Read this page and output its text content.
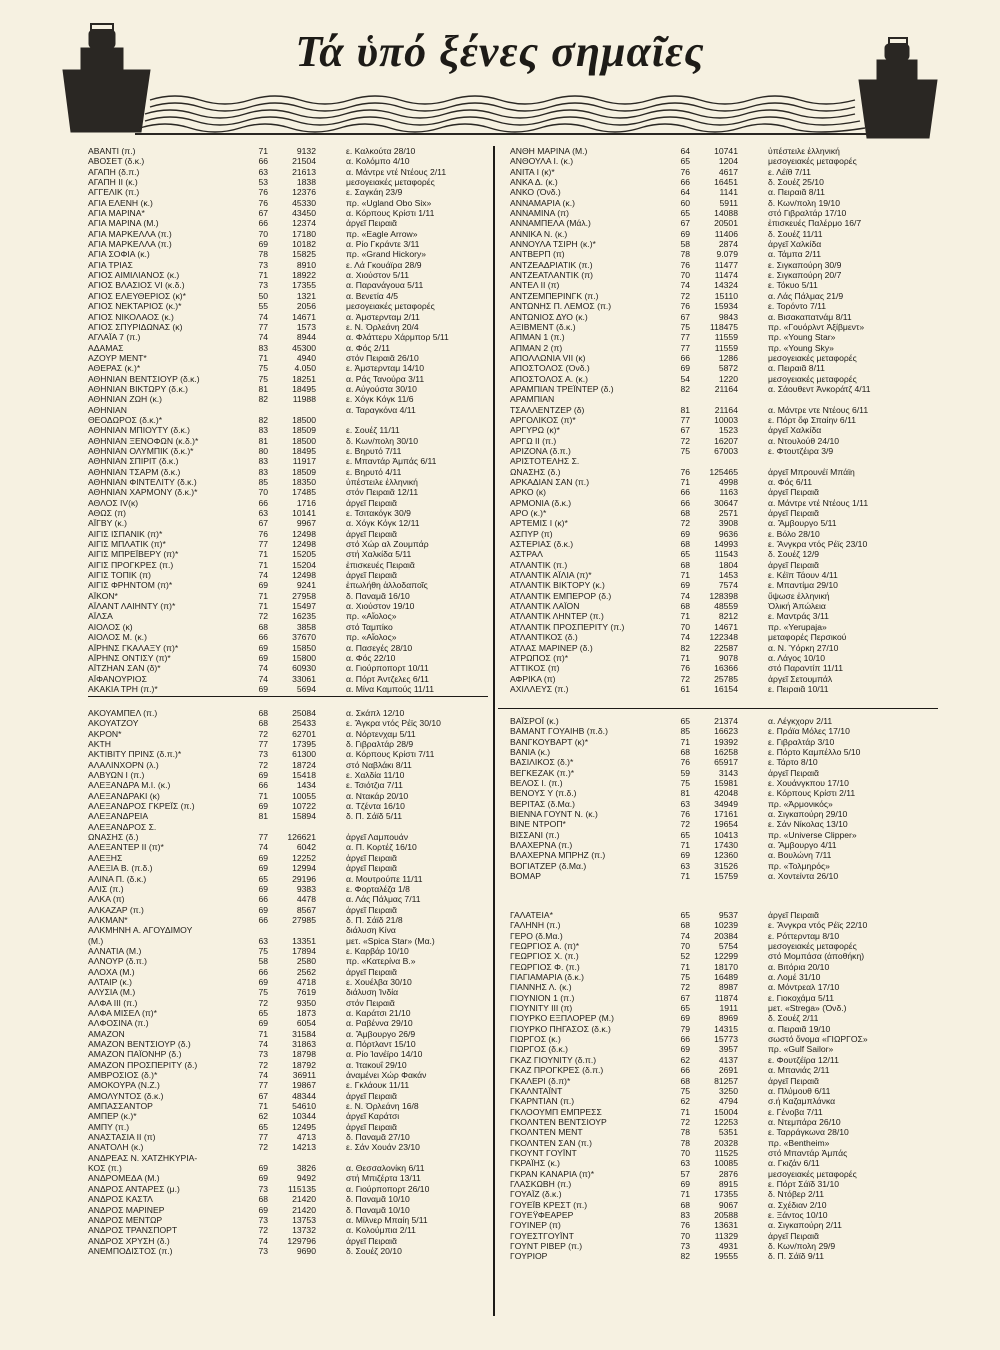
Τά ὑπό ξένες σημαῖες
ΑΒΑΝΤΙ (π.)	71	9132	ε. Καλκούτα 28/10
ΑΒΟΣΕΤ (δ.κ.)	66	21504	α. Κολόμπο 4/10
ΑΓΑΠΗ (δ.π.)	63	21613	α. Μάντρε ντέ Ντέους 2/11
ΑΓΑΠΗ ΙΙ (κ.)	53	1838	μεσογειακές μεταφορές
ΑΓΓΕΛΙΚ (π.)	76	12376	ε. Σαγκάη 23/9
ΑΓΙΑ ΕΛΕΝΗ (κ.)	76	45330	πρ. «Ugland Obo Six»
ΑΓΙΑ ΜΑΡΙΝΑ*	67	43450	α. Κόρπους Κρίστι 1/11
ΑΓΙΑ ΜΑΡΙΝΑ (Μ.)	66	12374	ἀργεῖ Πειραιᾶ
ΑΓΙΑ ΜΑΡΚΕΛΛΑ (π.)	70	17180	πρ. «Eagle Arrow»
ΑΓΙΑ ΜΑΡΚΕΛΛΑ (π.)	69	10182	α. Ρίο Γκράντε 3/11
ΑΓΙΑ ΣΟΦΙΑ (κ.)	78	15825	πρ. «Grand Hickory»
ΑΓΙΑ ΤΡΙΑΣ	73	8910	ε. Λά Γκουάϊρα 28/9
ΑΓΙΟΣ ΑΙΜΙΛΙΑΝΟΣ (κ.)	71	18922	α. Χιούστον 5/11
ΑΓΙΟΣ ΒΛΑΣΙΟΣ VI (κ.δ.)	73	17355	α. Παρανάγουα 5/11
ΑΓΙΟΣ ΕΛΕΥΘΕΡΙΟΣ (κ)*	50	1321	α. Βενετία 4/5
ΑΓΙΟΣ ΝΕΚΤΑΡΙΟΣ (κ.)*	55	2056	μεσογειακές μεταφορές
ΑΓΙΟΣ ΝΙΚΟΛΑΟΣ (κ.)	74	14671	α. Ἀμστερνταμ 2/11
ΑΓΙΟΣ ΣΠΥΡΙΔΩΝΑΣ (κ)	77	1573	ε. Ν. Ὀρλεάνη 20/4
ΑΓΛΑΪΑ 7 (π.)	74	8944	α. Φλάττερυ Χάρμπορ 5/11
ΑΔΑΜΑΣ	83	45300	α. Φός 2/11
ΑΖΟΥΡ ΜΕΝΤ*	71	4940	στόν Πειραιᾶ 26/10
ΑΘΕΡΑΣ (κ.)*	75	4.050	ε. Ἀμστερνταμ 14/10
ΑΘΗΝΙΑΝ ΒΕΝΤΣΙΟΥΡ (δ.κ.)	75	18251	α. Ράς Τανούρα 3/11
ΑΘΗΝΙΑΝ ΒΙΚΤΩΡΥ (δ.κ.)	81	18495	α. Αὐγούστα 30/10
ΑΘΗΝΙΑΝ ΖΩΗ (κ.)	82	11988	ε. Χόγκ Κόγκ 11/6
ΑΘΗΝΙΑΝ	α. Ταραγκόνα 4/11
ΘΕΟΔΩΡΟΣ (δ.κ.)*	82	18500
ΑΘΗΝΙΑΝ ΜΠΙΟΥΤΥ (δ.κ.)	83	18509	ε. Σουέζ 11/11
ΑΘΗΝΙΑΝ ΞΕΝΟΦΩΝ (κ.δ.)*	81	18500	δ. Κων/πολη 30/10
ΑΘΗΝΙΑΝ ΟΛΥΜΠΙΚ (δ.κ.)*	80	18495	ε. Βηρυτό 7/11
ΑΘΗΝΙΑΝ ΣΠΙΡΙΤ (δ.κ.)	83	11917	ε. Μπαντάρ Ἀμπάς 6/11
ΑΘΗΝΙΑΝ ΤΣΑΡΜ (δ.κ.)	83	18509	ε. Βηρυτό 4/11
ΑΘΗΝΙΑΝ ΦΙΝΤΕΛΙΤΥ (δ.κ.)	85	18350	ὑπέστειλε ἑλληνική
ΑΘΗΝΙΑΝ ΧΑΡΜΟΝΥ (δ.κ.)*	70	17485	στόν Πειραιᾶ 12/11
ΑΘΛΟΣ IV(κ)	66	1716	ἀργεῖ Πειραιᾶ
ΑΘΩΣ (π)	63	10141	ε. Τσιτακόγκ 30/9
ΑΪΓΒΥ (κ.)	67	9967	α. Χόγκ Κόγκ 12/11
ΑΙΓΙΣ ΙΣΠΑΝΙΚ (π)*	76	12498	ἀργεῖ Πειραιᾶ
ΑΙΓΙΣ ΜΠΛΑΤΙΚ (π)*	77	12498	στό Χώρ αλ Ζουμπάρ
ΑΙΓΙΣ ΜΠΡΕΪΒΕΡΥ (π)*	71	15205	στή Χαλκίδα 5/11
ΑΙΓΙΣ ΠΡΟΓΚΡΕΣ (π.)	71	15204	ἐπισκευές Πειραιᾶ
ΑΙΓΙΣ ΤΟΠΙΚ (π)	74	12498	ἀργεῖ Πειραιᾶ
ΑΙΓΙΣ ΦΡΗΝΤΟΜ (π)*	69	9241	ἐπωλήθη ἀλλοδαποῖς
ΑΪΚΟΝ*	71	27958	δ. Παναμᾶ 16/10
ΑΪΛΑΝΤ ΛΑΙΗΝΤΥ (π)*	71	15497	α. Χιούστον 19/10
ΑΪΛΣΑ	72	16235	πρ. «Αἴολος»
ΑΙΟΛΟΣ (κ)	68	3858	στό Ταμπίκο
ΑΙΟΛΟΣ Μ. (κ.)	66	37670	πρ. «Αἴολος»
ΑΪΡΗΝΣ ΓΚΑΛΑΞΥ (π)*	69	15850	α. Πασεγές 28/10
ΑΪΡΗΝΣ ΟΝΤΙΣΥ (π)*	69	15800	α. Φός 22/10
ΑΪΤΖΗΑΝ ΣΑΝ (δ)*	74	60930	α. Γιούρποπορτ 10/11
ΑΪΦΑΝΟΥΡΙΟΣ	74	33061	α. Πόρτ Ἀντζελες 6/11
ΑΚΑΚΙΑ ΤΡΗ (π.)*	69	5694	α. Μίνα Καμπούς 11/11
ΑΚΟΥΑΜΠΕΛ (π.)	68	25084	α. Σκάπλ 12/10
ΑΚΟΥΑΤΖΟΥ	68	25433	ε. Ἄγκρα ντός Ρέϊς 30/10
ΑΚΡΟΝ*	72	62701	α. Νόρτενχαμ 5/11
ΑΚΤΗ	77	17395	δ. Γιβραλτάρ 28/9
ΑΚΤΙΒΙΤΥ ΠΡΙΝΣ (δ.π.)*	73	61300	α. Κόρπους Κρίστι 7/11
ΑΛΑΛΙΝΧΟΡΝ (λ.)	72	18724	στό Ναβλάκι 8/11
ΑΛΒΥΩΝ Ι (π.)	69	15418	ε. Χαλδία 11/10
ΑΛΕΞΑΝΔΡΑ Μ.Ι. (κ.)	66	1434	ε. Τσιότζια 7/11
ΑΛΕΞΑΝΔΡΑΚΙ (κ)	71	10055	α. Ντακάρ 20/10
ΑΛΕΞΑΝΔΡΟΣ ΓΚΡΕΪΣ (π.)	69	10722	α. Τζέντα 16/10
ΑΛΕΞΑΝΔΡΕΙΑ	81	15894	δ. Π. Σάϊδ 5/11
ΑΛΕΞΑΝΔΡΟΣ Σ.
ΩΝΑΣΗΣ (δ.)	77	126621	ἀργεῖ Λαμπουάν
ΑΛΕΞΑΝΤΕΡ ΙΙ (π)*	74	6042	α. Π. Κορτέζ 16/10
ΑΛΕΞΗΣ	69	12252	ἀργεῖ Πειραιᾶ
ΑΛΕΞΙΑ Β. (π.δ.)	69	12994	ἀργεῖ Πειραιᾶ
ΑΛΙΝΑ Π. (δ.κ.)	65	29196	α. Μουτρούπε 11/11
ΑΛΙΣ (π.)	69	9383	ε. Φορταλέζα 1/8
ΑΛΚΑ (π)	66	4478	α. Λάς Πάλμας 7/11
ΑΛΚΑΖΑΡ (π.)	69	8567	ἀργεῖ Πειραιᾶ
ΑΛΚΜΑΝ*	66	27985	δ. Π. Σάϊδ 21/8
ΑΛΚΜΗΝΗ Α. ΑΓΟΥΔΙΜΟΥ	διάλυση Κίνα
(Μ.)	63	13351	μετ. «Spica Star» (Μα.)
ΑΛΝΑΤΙΑ (Μ.)	75	17894	ε. Καρβάρ 10/10
ΑΛΝΟΥΡ (δ.π.)	58	2580	πρ. «Κατερίνα Β.»
ΑΛΟΧΑ (Μ.)	66	2562	ἀργεῖ Πειραιᾶ
ΑΛΤΑΙΡ (κ.)	69	4718	ε. Χουέλβα 30/10
ΑΛΥΣΙΑ (Μ.)	75	7619	διάλυση Ἰνδία
ΑΛΦΑ ΙΙΙ (π.)	72	9350	στόν Πειραιᾶ
ΑΛΦΑ ΜΙΣΕΛ (π)*	65	1873	α. Καράτσι 21/10
ΑΛΦΟΣΙΝΑ (π.)	69	6054	α. Ραβέννα 29/10
ΑΜΑΖΟΝ	71	31584	α. Ἄμβουργο 26/9
ΑΜΑΖΟΝ ΒΕΝΤΣΙΟΥΡ (δ.)	74	31863	α. Πόρτλαντ 15/10
ΑΜΑΖΟΝ ΠΑΪΟΝΗΡ (δ.)	73	18798	α. Ρίο Ἰανέϊρο 14/10
ΑΜΑΖΟΝ ΠΡΟΣΠΕΡΙΤΥ (δ.)	72	18792	α. Ἰτακουΐ 29/10
ΑΜΒΡΟΣΙΟΣ (δ.)*	74	36911	ἀναμένει Χώρ Φακάν
ΑΜΟΚΟΥΡΑ (Ν.Ζ.)	77	19867	ε. Γκλάουκ 11/11
ΑΜΟΛΥΝΤΟΣ (δ.κ.)	67	48344	ἀργεῖ Πειραιᾶ
ΑΜΠΑΣΣΑΝΤΟΡ	71	54610	ε. Ν. Ὀρλεάνη 16/8
ΑΜΠΕΡ (κ.)*	62	10344	ἀργεῖ Καράτσι
ΑΜΠΥ (π.)	65	12495	ἀργεῖ Πειραιᾶ
ΑΝΑΣΤΑΣΙΑ ΙΙ (π)	77	4713	δ. Παναμᾶ 27/10
ΑΝΑΤΟΛΗ (κ.)	72	14213	ε. Σάν Χουάν 23/10
ΑΝΔΡΕΑΣ Ν. ΧΑΤΖΗΚΥΡΙΑ-
ΚΟΣ (π.)	69	3826	α. Θεσσαλονίκη 6/11
ΑΝΔΡΟΜΕΔΑ (Μ.)	69	9492	στή Μπιζέρτα 13/11
ΑΝΔΡΟΣ ΑΝΤΑΡΕΣ (μ.)	73	115135	α. Γιούρποπορτ 26/10
ΑΝΔΡΟΣ ΚΑΣΤΛ	68	21420	δ. Παναμᾶ 10/10
ΑΝΔΡΟΣ ΜΑΡΙΝΕΡ	69	21420	δ. Παναμᾶ 10/10
ΑΝΔΡΟΣ ΜΕΝΤΩΡ	73	13753	α. Μίλνερ Μπαίη 5/11
ΑΝΔΡΟΣ ΤΡΑΝΣΠΟΡΤ	72	13732	α. Κολούμπια 2/11
ΑΝΔΡΟΣ ΧΡΥΣΗ (δ.)	74	129796	ἀργεῖ Πειραιᾶ
ΑΝΕΜΠΟΔΙΣΤΟΣ (π.)	73	9690	δ. Σουέζ 20/10
ΑΝΘΗ ΜΑΡΙΝΑ (Μ.)	64	10741	ὑπέστειλε ἑλληνική
ΑΝΘΟΥΛΑ Ι. (κ.)	65	1204	μεσογειακές μεταφορές
ΑΝΙΤΑ Ι (κ)*	76	4617	ε. Λέϊθ 7/11
ΑΝΚΑ Δ. (κ.)	66	16451	δ. Σουέζ 25/10
ΑΝΚΟ (Ὀνδ.)	64	1141	α. Πειραιᾶ 8/11
ΑΝΝΑΜΑΡΙΑ (κ.)	60	5911	δ. Κων/πολη 19/10
ΑΝΝΑΜΙΝΑ (π)	65	14088	στό Γιβραλτάρ 17/10
ΑΝΝΑΜΠΕΛΑ (Μάλ.)	67	20501	ἐπισκευές Παλέρμο 16/7
ΑΝΝΙΚΑ Ν. (κ.)	69	11406	δ. Σουέζ 11/11
ΑΝΝΟΥΛΑ ΤΣΙΡΗ (κ.)*	58	2874	ἀργεῖ Χαλκίδα
ΑΝΤΒΕΡΠ (π)	78	9.079	α. Τάμπα 2/11
ΑΝΤΖΕΑΔΡΙΑΤΙΚ (π.)	76	11477	ε. Σιγκαπούρη 30/9
ΑΝΤΖΕΑΤΛΑΝΤΙΚ (π)	70	11474	ε. Σιγκαπούρη 20/7
ΑΝΤΕΛ ΙΙ (π)	74	14324	ε. Τόκυο 5/11
ΑΝΤΖΕΜΠΕΡΙΝΓΚ (π.)	72	15110	α. Λάς Πάλμας 21/9
ΑΝΤΩΝΗΣ Π. ΛΕΜΟΣ (π.)	76	15934	ε. Τορόντο 7/11
ΑΝΤΩΝΙΟΣ ΔΥΟ (κ.)	67	9843	α. Βισακαπατνάμ 8/11
ΑΞΙΒΜΕΝΤ (δ.κ.)	75	118475	πρ. «Γουόρλντ Ἀξίβμεντ»
ΑΠΜΑΝ 1 (π.)	77	11559	πρ. «Young Star»
ΑΠΜΑΝ 2 (π)	77	11559	πρ. «Young Sky»
ΑΠΟΛΛΩΝΙΑ VII (κ)	66	1286	μεσογειακές μεταφορές
ΑΠΟΣΤΟΛΟΣ (Ὀνδ.)	69	5872	α. Πειραιᾶ 8/11
ΑΠΟΣΤΟΛΟΣ Α. (κ.)	54	1220	μεσογειακές μεταφορές
ΑΡΑΜΠΙΑΝ ΤΡΕΪΝΤΕΡ (δ.)	82	21164	α. Σάουθεντ Ἀνκοράτζ 4/11
ΑΡΑΜΠΙΑΝ
ΤΣΑΛΛΕΝΤΖΕΡ (δ)	81	21164	α. Μάντρε ντε Ντέους 6/11
ΑΡΓΟΛΙΚΟΣ (π)*	77	10003	ε. Πόρτ ὄφ Σπαίην 6/11
ΑΡΓΥΡΩ (κ)*	67	1523	ἀργεῖ Χαλκίδα
ΑΡΓΩ ΙΙ (π.)	72	16207	α. Ντουλούθ 24/10
ΑΡΙΖΟΝΑ (δ.π.)	75	67003	ε. Φτουτζέιρα 3/9
ΑΡΙΣΤΟΤΕΛΗΣ Σ.
ΩΝΑΣΗΣ (δ.)	76	125465	ἀργεῖ Μπρουνέϊ Μπάϊη
ΑΡΚΑΔΙΑΝ ΣΑΝ (π.)	71	4998	α. Φός 6/11
ΑΡΚΟ (κ)	66	1163	ἀργεῖ Πειραιᾶ
ΑΡΜΟΝΙΑ (δ.κ.)	66	30647	α. Μάντρε ντέ Ντέους 1/11
ΑΡΟ (κ.)*	68	2571	ἀργεῖ Πειραιᾶ
ΑΡΤΕΜΙΣ Ι (κ)*	72	3908	α. Ἄμβουργο 5/11
ΑΣΠΥΡ (π)	69	9636	ε. Βόλο 28/10
ΑΣΤΕΡΙΑΣ (δ.κ.)	68	14993	ε. Ἄνγκρα ντός Ρέϊς 23/10
ΑΣΤΡΑΛ	65	11543	δ. Σουέζ 12/9
ΑΤΛΑΝΤΙΚ (π.)	68	1804	ἀργεῖ Πειραιᾶ
ΑΤΛΑΝΤΙΚ ΑΪΛΙΑ (π)*	71	1453	ε. Κέϊπ Τάουν 4/11
ΑΤΛΑΝΤΙΚ ΒΙΚΤΟΡΥ (κ.)	69	7574	ε. Μπαντίμα 29/10
ΑΤΛΑΝΤΙΚ ΕΜΠΕΡΟΡ (δ.)	74	128398	ὕψωσε ἑλληνική
ΑΤΛΑΝΤΙΚ ΛΑΪΟΝ	68	48559	Ὁλική Ἀπώλεια
ΑΤΛΑΝΤΙΚ ΛΗΝΤΕΡ (π.)	71	8212	ε. Μαντράς 3/11
ΑΤΛΑΝΤΙΚ ΠΡΟΣΠΕΡΙΤΥ (π.)	70	14671	πρ. «Yerupaja»
ΑΤΛΑΝΤΙΚΟΣ (δ.)	74	122348	μεταφορές Περσικού
ΑΤΛΑΣ ΜΑΡΙΝΕΡ (δ.)	82	22587	α. Ν. Ὑόρκη 27/10
ΑΤΡΩΠΟΣ (π)*	71	9078	α. Λάγος 10/10
ΑΤΤΙΚΟΣ (π)	76	16366	στό Παραντίπ 11/11
ΑΦΡΙΚΑ (π)	72	25785	ἀργεῖ Σετουμπάλ
ΑΧΙΛΛΕΥΣ (π.)	61	16154	ε. Πειραιᾶ 10/11
ΒΑΪΣΡΟΪ (κ.)	65	21374	α. Λέγκχορν 2/11
ΒΑΜΑΝΤ ΓΟΥΑΙΗΒ (π.δ.)	85	16623	ε. Πράϊα Μόλες 17/10
ΒΑΝΓΚΟΥΒΑΡΤ (κ)*	71	19392	ε. Γιβραλτάρ 3/10
ΒΑΝΙΑ (κ.)	68	16258	ε. Πόρτο Καμπέλλο 5/10
ΒΑΣΙΛΙΚΟΣ (δ.)*	76	65917	ε. Τάρτο 8/10
ΒΕΓΚΕΖΑΚ (π.)*	59	3143	ἀργεῖ Πειραιᾶ
ΒΕΛΟΣ Ι. (π.)	75	15981	ε. Χουάνγκπου 17/10
ΒΕΝΟΥΣ Υ (π.δ.)	81	42048	ε. Κόρπους Κρίστι 2/11
ΒΕΡΙΤΑΣ (δ.Μα.)	63	34949	πρ. «Ἀρμονικός»
ΒΙΕΝΝΑ ΓΟΥΝΤ Ν. (κ.)	76	17161	α. Σιγκαπούρη 29/10
ΒΙΝΕ ΝΤΡΟΠ*	72	19654	ε. Σάν Νίκολας 13/10
ΒΙΣΣΑΝΙ (π.)	65	10413	πρ. «Universe Clipper»
ΒΛΑΧΕΡΝΑ (π.)	71	17430	α. Ἄμβουργο 4/11
ΒΛΑΧΕΡΝΑ ΜΠΡΗΖ (π.)	69	12360	α. Βουλώνη 7/11
ΒΟΓΙΑΤΖΕΡ (δ.Μα.)	63	31526	πρ. «Τολμηρός»
ΒΟΜΑΡ	71	15759	α. Χοντείντα 26/10
ΓΑΛΑΤΕΙΑ*	65	9537	ἀργεῖ Πειραιᾶ
ΓΑΛΗΝΗ (π.)	68	10239	ε. Ἄνγκρα ντός Ρέϊς 22/10
ΓΕΡΟ (δ.Μα.)	74	20384	ε. Ρόττερνταμ 8/10
ΓΕΩΡΓΙΟΣ Α. (π)*	70	5754	μεσογειακές μεταφορές
ΓΕΩΡΓΙΟΣ Χ. (π.)	52	12299	στό Μομπάσα (ἀποθήκη)
ΓΕΩΡΓΙΟΣ Φ. (π.)	71	18170	α. Βιτόρια 20/10
ΓΙΑΓΙΑΜΑΡΙΑ (δ.κ.)	75	16489	α. Λομέ 31/10
ΓΙΑΝΝΗΣ Λ. (κ.)	72	8987	α. Μόντρεαλ 17/10
ΓΙΟΥΝΙΟΝ 1 (π.)	67	11874	ε. Γιοκοχάμα 5/11
ΓΙΟΥΝΙΤΥ ΙΙΙ (π)	65	1911	μετ. «Strega» (Ὀνδ.)
ΓΙΟΥΡΚΟ ΕΞΠΛΟΡΕΡ (Μ.)	69	8969	δ. Σουέζ 2/11
ΓΙΟΥΡΚΟ ΠΗΓΑΣΟΣ (δ.κ.)	79	14315	α. Πειραιᾶ 19/10
ΓΙΩΡΓΟΣ (κ.)	66	15773	σωστό ὄνομα «ΓΙΩΡΓΟΣ»
ΓΙΩΡΓΟΣ (δ.κ.)	69	3957	πρ. «Gulf Sailor»
ΓΚΑΖ ΓΙΟΥΝΙΤΥ (δ.π.)	62	4137	ε. Φουτζέϊρα 12/11
ΓΚΑΖ ΠΡΟΓΚΡΕΣ (δ.π.)	66	2691	α. Μπανιάς 2/11
ΓΚΑΛΕΡΙ (δ.π)*	68	81257	ἀργεῖ Πειραιᾶ
ΓΚΑΛΝΤΑΪΝΤ	75	3250	α. Πλύμουθ 6/11
ΓΚΑΡΝΤΙΑΝ (π.)	62	4794	σ.ή Καζαμπλάνκα
ΓΚΛΟΟΥΜΠ ΕΜΠΡΕΣΣ	71	15004	ε. Γένοβα 7/11
ΓΚΟΛΝΤΕΝ ΒΕΝΤΣΙΟΥΡ	72	12253	α. Ντεμπάρα 26/10
ΓΚΟΛΝΤΕΝ ΜΕΝΤ	78	5351	ε. Ταρράγκωνα 28/10
ΓΚΟΛΝΤΕΝ ΣΑΝ (π.)	78	20328	πρ. «Bentheim»
ΓΚΟΥΝΤ ΓΟΥΪΝΤ	70	11525	στό Μπαντάρ Ἀμπάς
ΓΚΡΑΪΗΣ (κ.)	63	10085	α. Γκιζάν 6/11
ΓΚΡΑΝ ΚΑΝΑΡΙΑ (π)*	57	2876	μεσογειακές μεταφορές
ΓΛΑΣΚΩΒΗ (π.)	69	8915	ε. Πόρτ Σάϊδ 31/10
ΓΟΥΑΪΖ (δ.κ.)	71	17355	δ. Ντόβερ 2/11
ΓΟΥΕΪΒ ΚΡΕΣΤ (π.)	68	9067	α. Σχέδιαν 2/10
ΓΟΥΕΫΦΕΑΡΕΡ	83	20588	ε. Ξάντος 10/10
ΓΟΥΙΝΕΡ (π)	76	13631	α. Σιγκαπούρη 2/11
ΓΟΥΕΣΤΓΟΥΪΝΤ	70	11329	ἀργεῖ Πειραιᾶ
ΓΟΥΝΤ ΡΙΒΕΡ (π.)	73	4931	δ. Κων/πολη 29/9
ΓΟΥΡΙΟΡ	82	19555	δ. Π. Σάϊδ 9/11
